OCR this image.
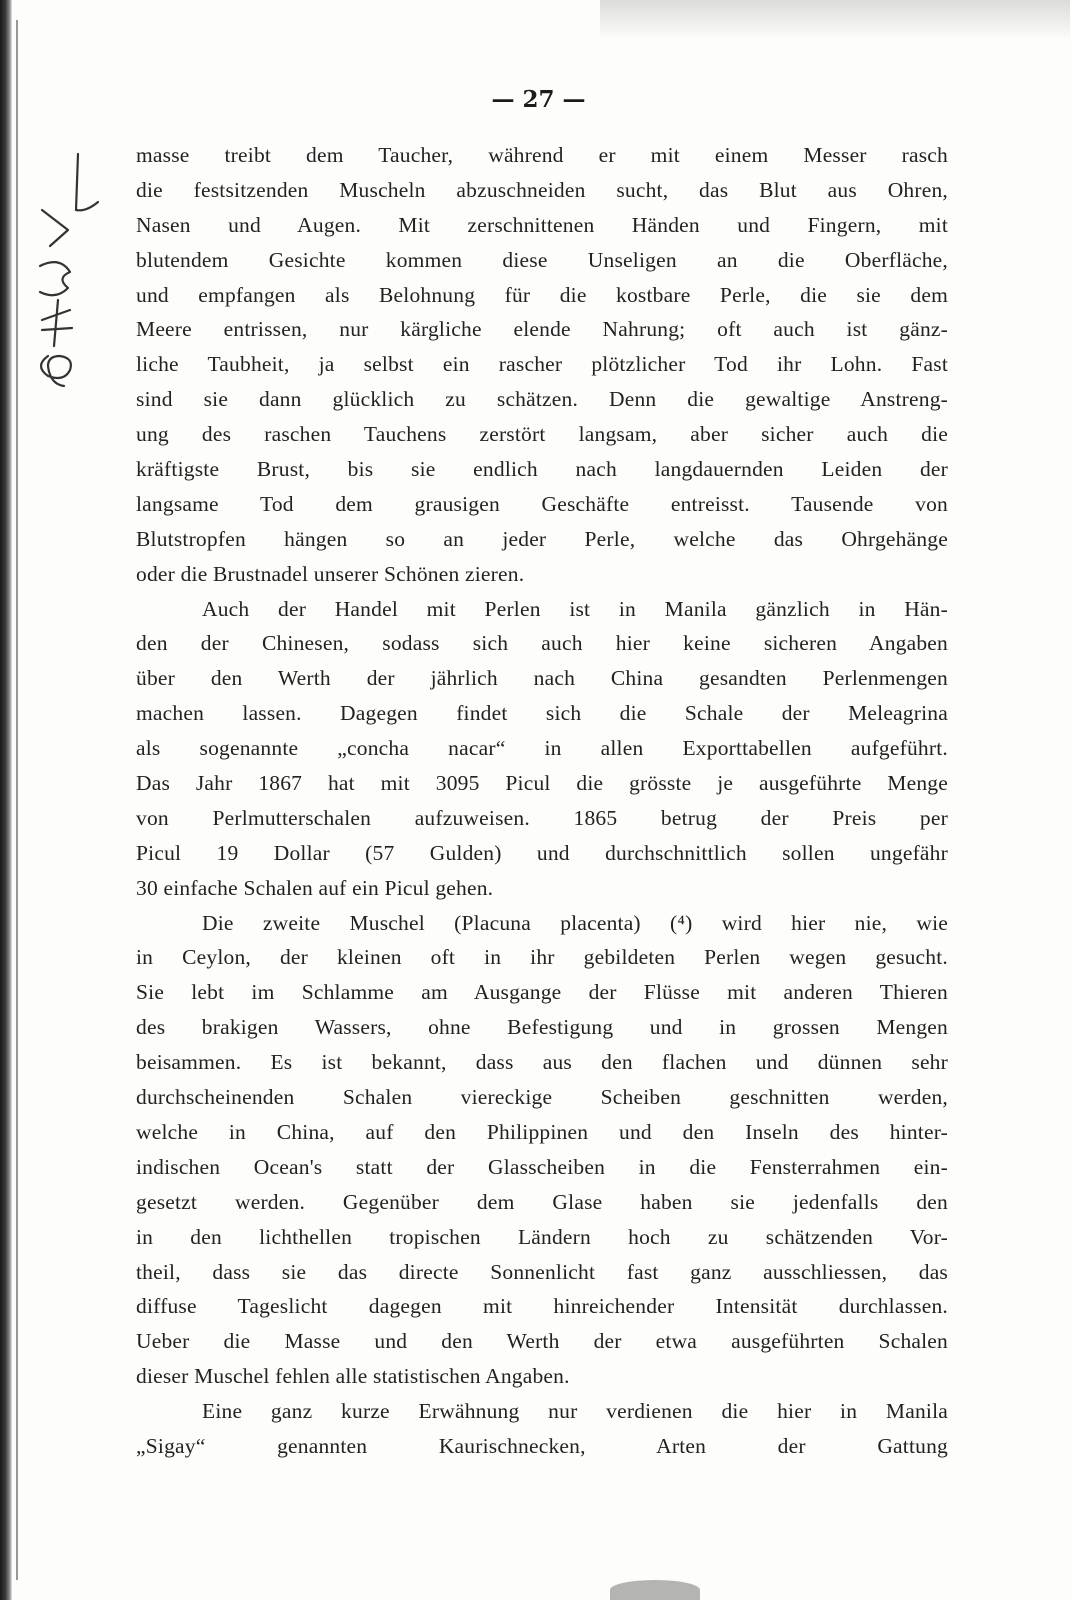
— 27 —
masse treibt dem Taucher, während er mit einem Messer rasch
die festsitzenden Muscheln abzuschneiden sucht, das Blut aus Ohren,
Nasen und Augen. Mit zerschnittenen Händen und Fingern, mit
blutendem Gesichte kommen diese Unseligen an die Oberfläche,
und empfangen als Belohnung für die kostbare Perle, die sie dem
Meere entrissen, nur kärgliche elende Nahrung; oft auch ist gänz-
liche Taubheit, ja selbst ein rascher plötzlicher Tod ihr Lohn. Fast
sind sie dann glücklich zu schätzen. Denn die gewaltige Anstreng-
ung des raschen Tauchens zerstört langsam, aber sicher auch die
kräftigste Brust, bis sie endlich nach langdauernden Leiden der
langsame Tod dem grausigen Geschäfte entreisst. Tausende von
Blutstropfen hängen so an jeder Perle, welche das Ohrgehänge
oder die Brustnadel unserer Schönen zieren.
Auch der Handel mit Perlen ist in Manila gänzlich in Hän-
den der Chinesen, sodass sich auch hier keine sicheren Angaben
über den Werth der jährlich nach China gesandten Perlenmengen
machen lassen. Dagegen findet sich die Schale der Meleagrina
als sogenannte „concha nacar“ in allen Exporttabellen aufgeführt.
Das Jahr 1867 hat mit 3095 Picul die grösste je ausgeführte Menge
von Perlmutterschalen aufzuweisen. 1865 betrug der Preis per
Picul 19 Dollar (57 Gulden) und durchschnittlich sollen ungefähr
30 einfache Schalen auf ein Picul gehen.
Die zweite Muschel (Placuna placenta) (⁴) wird hier nie, wie
in Ceylon, der kleinen oft in ihr gebildeten Perlen wegen gesucht.
Sie lebt im Schlamme am Ausgange der Flüsse mit anderen Thieren
des brakigen Wassers, ohne Befestigung und in grossen Mengen
beisammen. Es ist bekannt, dass aus den flachen und dünnen sehr
durchscheinenden Schalen viereckige Scheiben geschnitten werden,
welche in China, auf den Philippinen und den Inseln des hinter-
indischen Ocean's statt der Glasscheiben in die Fensterrahmen ein-
gesetzt werden. Gegenüber dem Glase haben sie jedenfalls den
in den lichthellen tropischen Ländern hoch zu schätzenden Vor-
theil, dass sie das directe Sonnenlicht fast ganz ausschliessen, das
diffuse Tageslicht dagegen mit hinreichender Intensität durchlassen.
Ueber die Masse und den Werth der etwa ausgeführten Schalen
dieser Muschel fehlen alle statistischen Angaben.
Eine ganz kurze Erwähnung nur verdienen die hier in Manila
„Sigay“ genannten Kaurischnecken, Arten der Gattung
